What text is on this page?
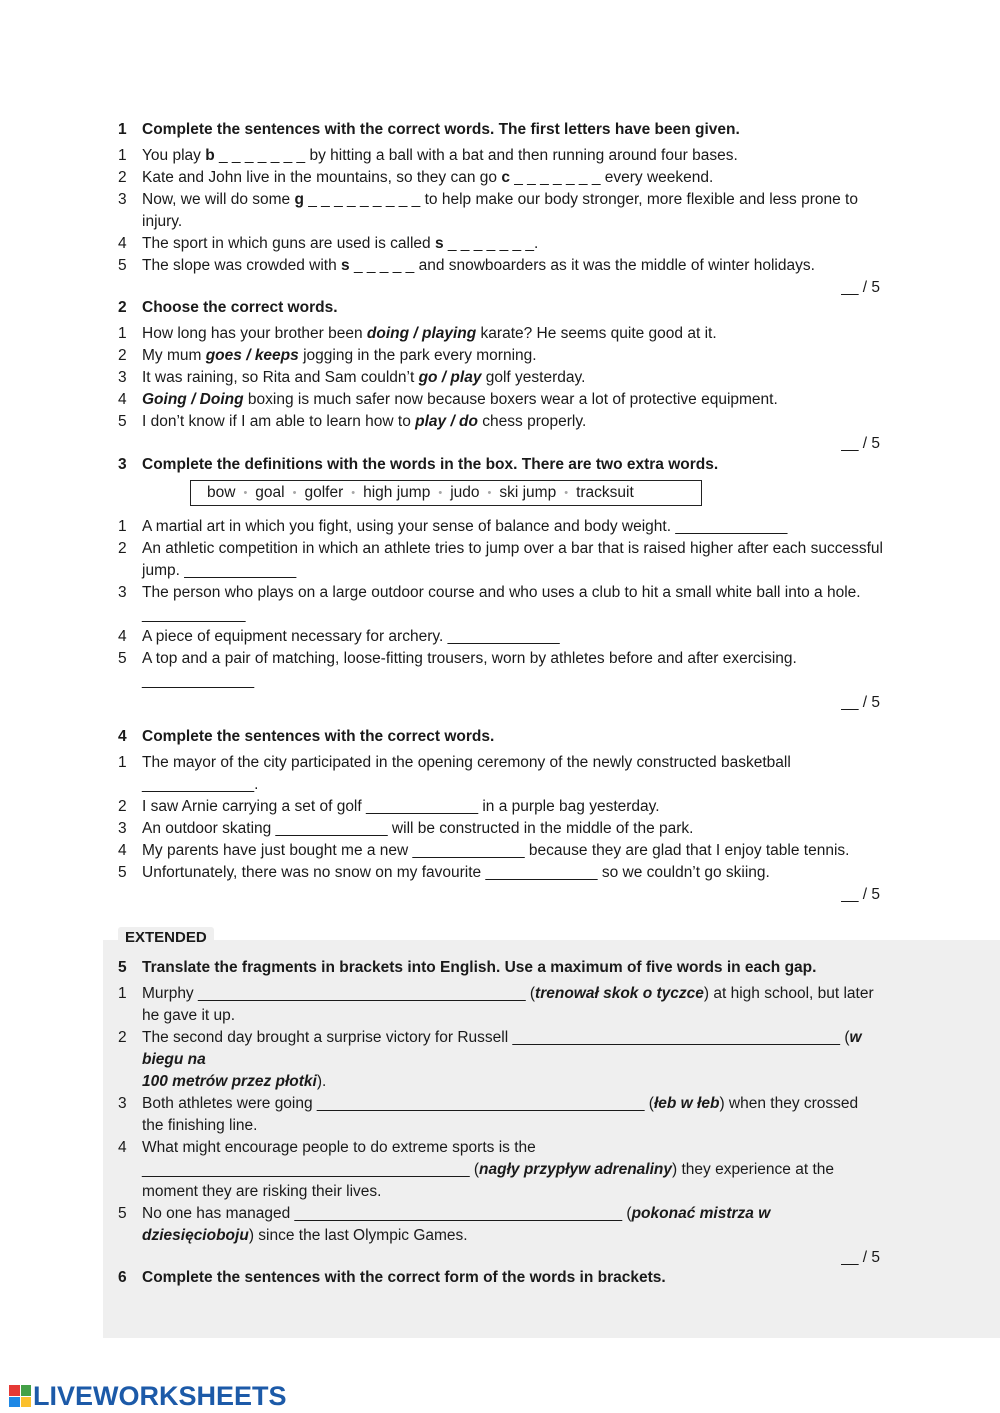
EXTENDED
1 Complete the sentences with the correct words. The first letters have been given.
1 You play b _ _ _ _ _ _ _ by hitting a ball with a bat and then running around four bases.
2 Kate and John live in the mountains, so they can go c _ _ _ _ _ _ _ every weekend.
3 Now, we will do some g _ _ _ _ _ _ _ _ _ to help make our body stronger, more flexible and less prone to injury.
4 The sport in which guns are used is called s _ _ _ _ _ _ _.
5 The slope was crowded with s _ _ _ _ _ and snowboarders as it was the middle of winter holidays.
__ / 5
2 Choose the correct words.
1 How long has your brother been doing / playing karate? He seems quite good at it.
2 My mum goes / keeps jogging in the park every morning.
3 It was raining, so Rita and Sam couldn’t go / play golf yesterday.
4 Going / Doing boxing is much safer now because boxers wear a lot of protective equipment.
5 I don’t know if I am able to learn how to play / do chess properly.
__ / 5
3 Complete the definitions with the words in the box. There are two extra words.
bow • goal • golfer • high jump • judo • ski jump • tracksuit
1 A martial art in which you fight, using your sense of balance and body weight. _____________
2 An athletic competition in which an athlete tries to jump over a bar that is raised higher after each successful jump. _____________
3 The person who plays on a large outdoor course and who uses a club to hit a small white ball into a hole.
____________
4 A piece of equipment necessary for archery. _____________
5 A top and a pair of matching, loose-fitting trousers, worn by athletes before and after exercising.
_____________
__ / 5
4 Complete the sentences with the correct words.
1 The mayor of the city participated in the opening ceremony of the newly constructed basketball
_____________.
2 I saw Arnie carrying a set of golf _____________ in a purple bag yesterday.
3 An outdoor skating _____________ will be constructed in the middle of the park.
4 My parents have just bought me a new _____________ because they are glad that I enjoy table tennis.
5 Unfortunately, there was no snow on my favourite _____________ so we couldn’t go skiing.
__ / 5
5 Translate the fragments in brackets into English. Use a maximum of five words in each gap.
1 Murphy ______________________________________ (trenował skok o tyczce) at high school, but later he gave it up.
2 The second day brought a surprise victory for Russell ______________________________________ (w biegu na
100 metrów przez płotki).
3 Both athletes were going ______________________________________ (łeb w łeb) when they crossed the finishing line.
4 What might encourage people to do extreme sports is the
______________________________________ (nagły przypływ adrenaliny) they experience at the moment they are risking their lives.
5 No one has managed ______________________________________ (pokonać mistrza w dziesięcioboju) since the last Olympic Games.
__ / 5
6 Complete the sentences with the correct form of the words in brackets.
LIVEWORKSHEETS
